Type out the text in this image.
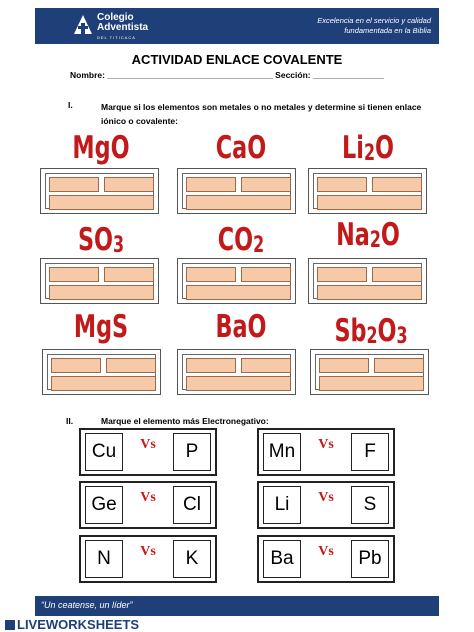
Colegio
Adventista
DEL TITICACA
Excelencia en el servicio y calidad
fundamentada en la Biblia
ACTIVIDAD ENLACE COVALENTE
Nombre: ___________________________________ Sección: _______________
I.	Marque si los elementos son metales o no metales y determine si tienen enlace iónico o covalente:
MgO	CaO	$Li_2O$
$SO_3$	$CO_2$	$Na_2O$
MgS	BaO	$Sb_2O_3$
II.	Marque el elemento más Electronegativo:
Cu	Vs	P	Mn	Vs	F
Ge	Vs	Cl	Li	Vs	S
N	Vs	K	Ba	Vs	Pb
“Un ceatense, un líder”
LIVEWORKSHEETS
